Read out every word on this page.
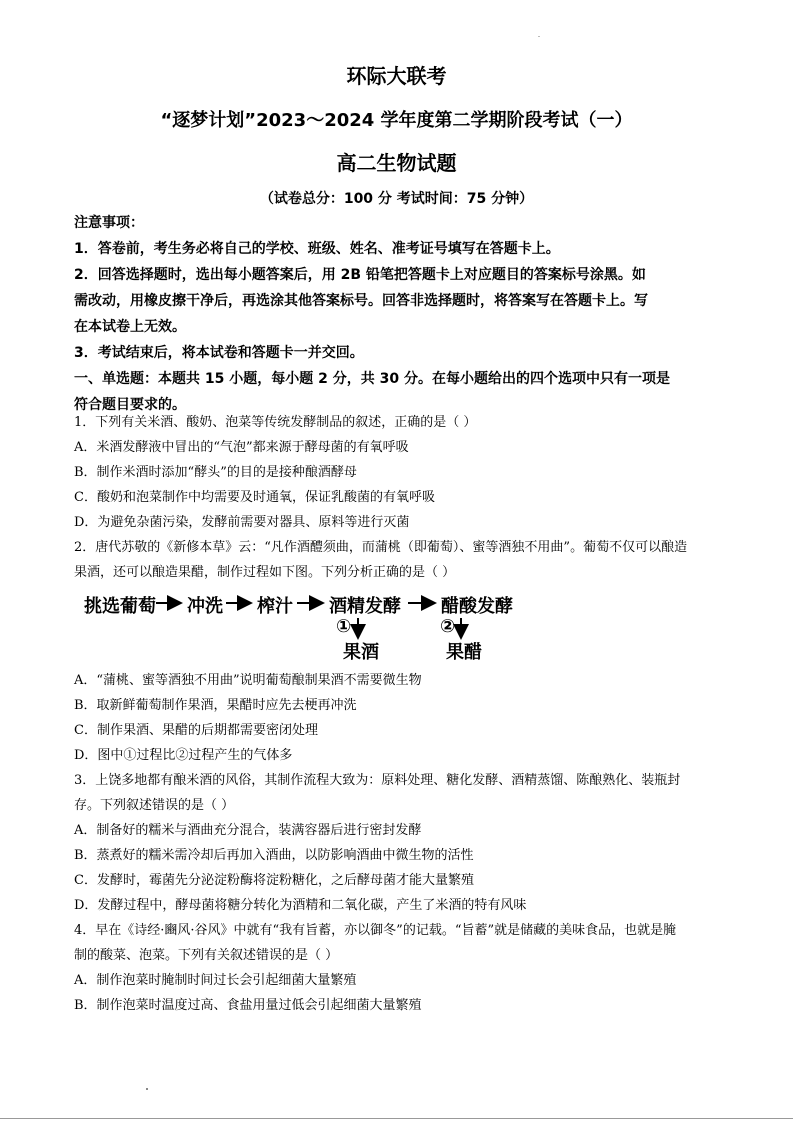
环际大联考
“逐梦计划”2023～2024 学年度第二学期阶段考试（一）
高二生物试题
（试卷总分：100 分 考试时间：75 分钟）
注意事项：
1．答卷前，考生务必将自己的学校、班级、姓名、准考证号填写在答题卡上。
2．回答选择题时，选出每小题答案后，用 2B 铅笔把答题卡上对应题目的答案标号涂黑。如
需改动，用橡皮擦干净后，再选涂其他答案标号。回答非选择题时，将答案写在答题卡上。写
在本试卷上无效。
3．考试结束后，将本试卷和答题卡一并交回。
一、单选题：本题共 15 小题，每小题 2 分，共 30 分。在每小题给出的四个选项中只有一项是
符合题目要求的。
1．下列有关米酒、酸奶、泡菜等传统发酵制品的叙述，正确的是（ ）
A．米酒发酵液中冒出的“气泡”都来源于酵母菌的有氧呼吸
B．制作米酒时添加“酵头”的目的是接种酿酒酵母
C．酸奶和泡菜制作中均需要及时通氧，保证乳酸菌的有氧呼吸
D．为避免杂菌污染，发酵前需要对器具、原料等进行灭菌
2．唐代苏敬的《新修本草》云：“凡作酒醴须曲，而蒲桃（即葡萄）、蜜等酒独不用曲”。葡萄不仅可以酿造
果酒，还可以酿造果醋，制作过程如下图。下列分析正确的是（ ）
挑选葡萄 冲洗 榨汁 酒精发酵 醋酸发酵
①	②
果酒	果醋
A．“蒲桃、蜜等酒独不用曲”说明葡萄酿制果酒不需要微生物
B．取新鲜葡萄制作果酒，果醋时应先去梗再冲洗
C．制作果酒、果醋的后期都需要密闭处理
D．图中①过程比②过程产生的气体多
3．上饶多地都有酿米酒的风俗，其制作流程大致为：原料处理、糖化发酵、酒精蒸馏、陈酿熟化、装瓶封
存。下列叙述错误的是（ ）
A．制备好的糯米与酒曲充分混合，装满容器后进行密封发酵
B．蒸煮好的糯米需冷却后再加入酒曲，以防影响酒曲中微生物的活性
C．发酵时，霉菌先分泌淀粉酶将淀粉糖化，之后酵母菌才能大量繁殖
D．发酵过程中，酵母菌将糖分转化为酒精和二氧化碳，产生了米酒的特有风味
4．早在《诗经·豳风·谷风》中就有“我有旨蓄，亦以御冬”的记载。“旨蓄”就是储藏的美味食品，也就是腌
制的酸菜、泡菜。下列有关叙述错误的是（ ）
A．制作泡菜时腌制时间过长会引起细菌大量繁殖
B．制作泡菜时温度过高、食盐用量过低会引起细菌大量繁殖
